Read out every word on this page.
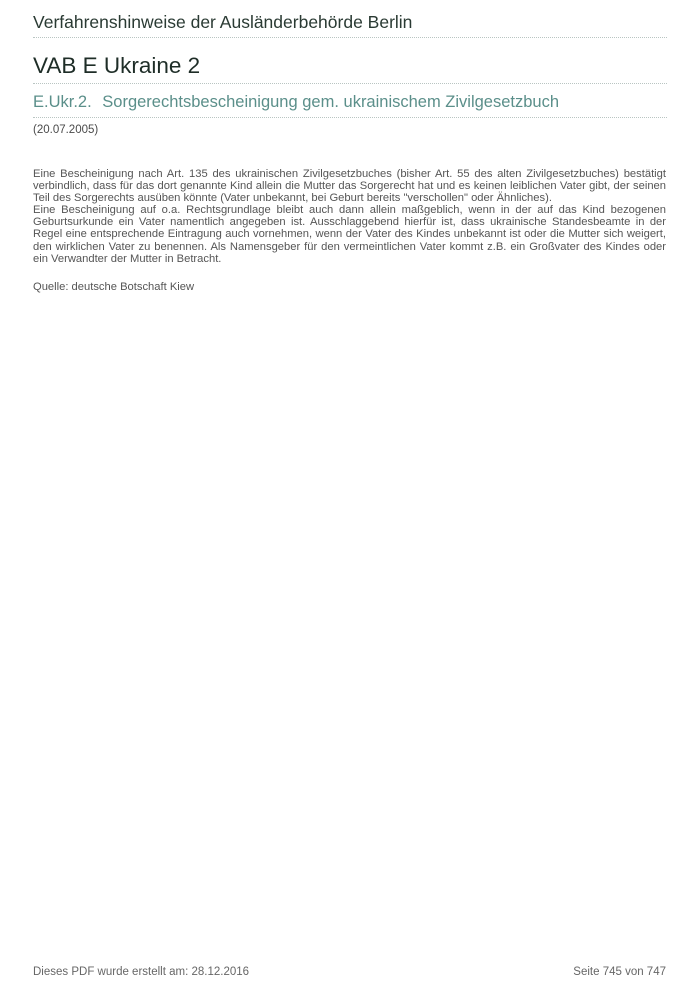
Verfahrenshinweise der Ausländerbehörde Berlin
VAB E Ukraine 2
E.Ukr.2. Sorgerechtsbescheinigung gem. ukrainischem Zivilgesetzbuch
(20.07.2005)

Eine Bescheinigung nach Art. 135 des ukrainischen Zivilgesetzbuches (bisher Art. 55 des alten Zivilgesetzbuches) bestätigt verbindlich, dass für das dort genannte Kind allein die Mutter das Sorgerecht hat und es keinen leiblichen Vater gibt, der seinen Teil des Sorgerechts ausüben könnte (Vater unbekannt, bei Geburt bereits "verschollen" oder Ähnliches).

Eine Bescheinigung auf o.a. Rechtsgrundlage bleibt auch dann allein maßgeblich, wenn in der auf das Kind bezogenen Geburtsurkunde ein Vater namentlich angegeben ist. Ausschlaggebend hierfür ist, dass ukrainische Standesbeamte in der Regel eine entsprechende Eintragung auch vornehmen, wenn der Vater des Kindes unbekannt ist oder die Mutter sich weigert, den wirklichen Vater zu benennen. Als Namensgeber für den vermeintlichen Vater kommt z.B. ein Großvater des Kindes oder ein Verwandter der Mutter in Betracht.

Quelle: deutsche Botschaft Kiew
Dieses PDF wurde erstellt am: 28.12.2016	Seite 745 von 747
